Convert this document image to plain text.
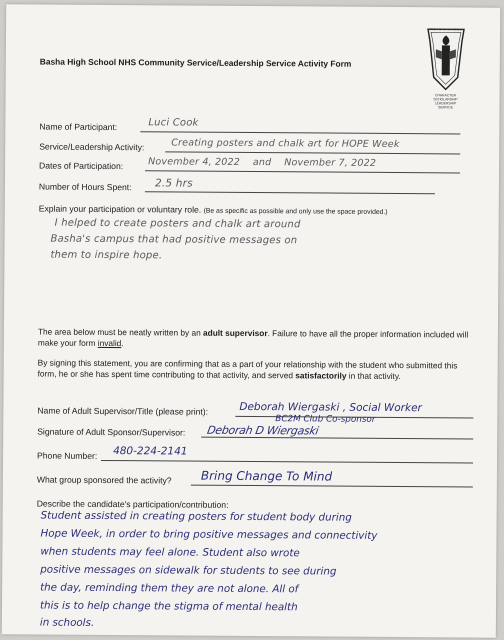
Basha High School NHS Community Service/Leadership Service Activity Form	S L
NATIONAL HONOR SOCIETY
CHARACTER
SCHOLARSHIP
LEADERSHIP
SERVICE
Name of Participant:	Luci Cook
Service/Leadership Activity:	Creating posters and chalk art for HOPE Week
Dates of Participation:	November 4, 2022    and    November 7, 2022
Number of Hours Spent: 2.5 hrs
Explain your participation or voluntary role. (Be as specific as possible and only use the space provided.)
I helped to create posters and chalk art around
Basha's campus that had positive messages on
them to inspire hope.
The area below must be neatly written by an adult supervisor. Failure to have all the proper information included will make your form invalid.
By signing this statement, you are confirming that as a part of your relationship with the student who submitted this form, he or she has spent time contributing to that activity, and served satisfactorily in that activity.
Name of Adult Supervisor/Title (please print):	Deborah Wiergaski , Social Worker
BC2M Club Co-sponsor
Signature of Adult Sponsor/Supervisor: Deborah D Wiergaski
Phone Number: 480-224-2141
What group sponsored the activity? Bring Change To Mind
Describe the candidate's participation/contribution:
Student assisted in creating posters for student body during
Hope Week, in order to bring positive messages and connectivity
when students may feel alone. Student also wrote
positive messages on sidewalk for students to see during
the day, reminding them they are not alone. All of
this is to help change the stigma of mental health
in schools.
